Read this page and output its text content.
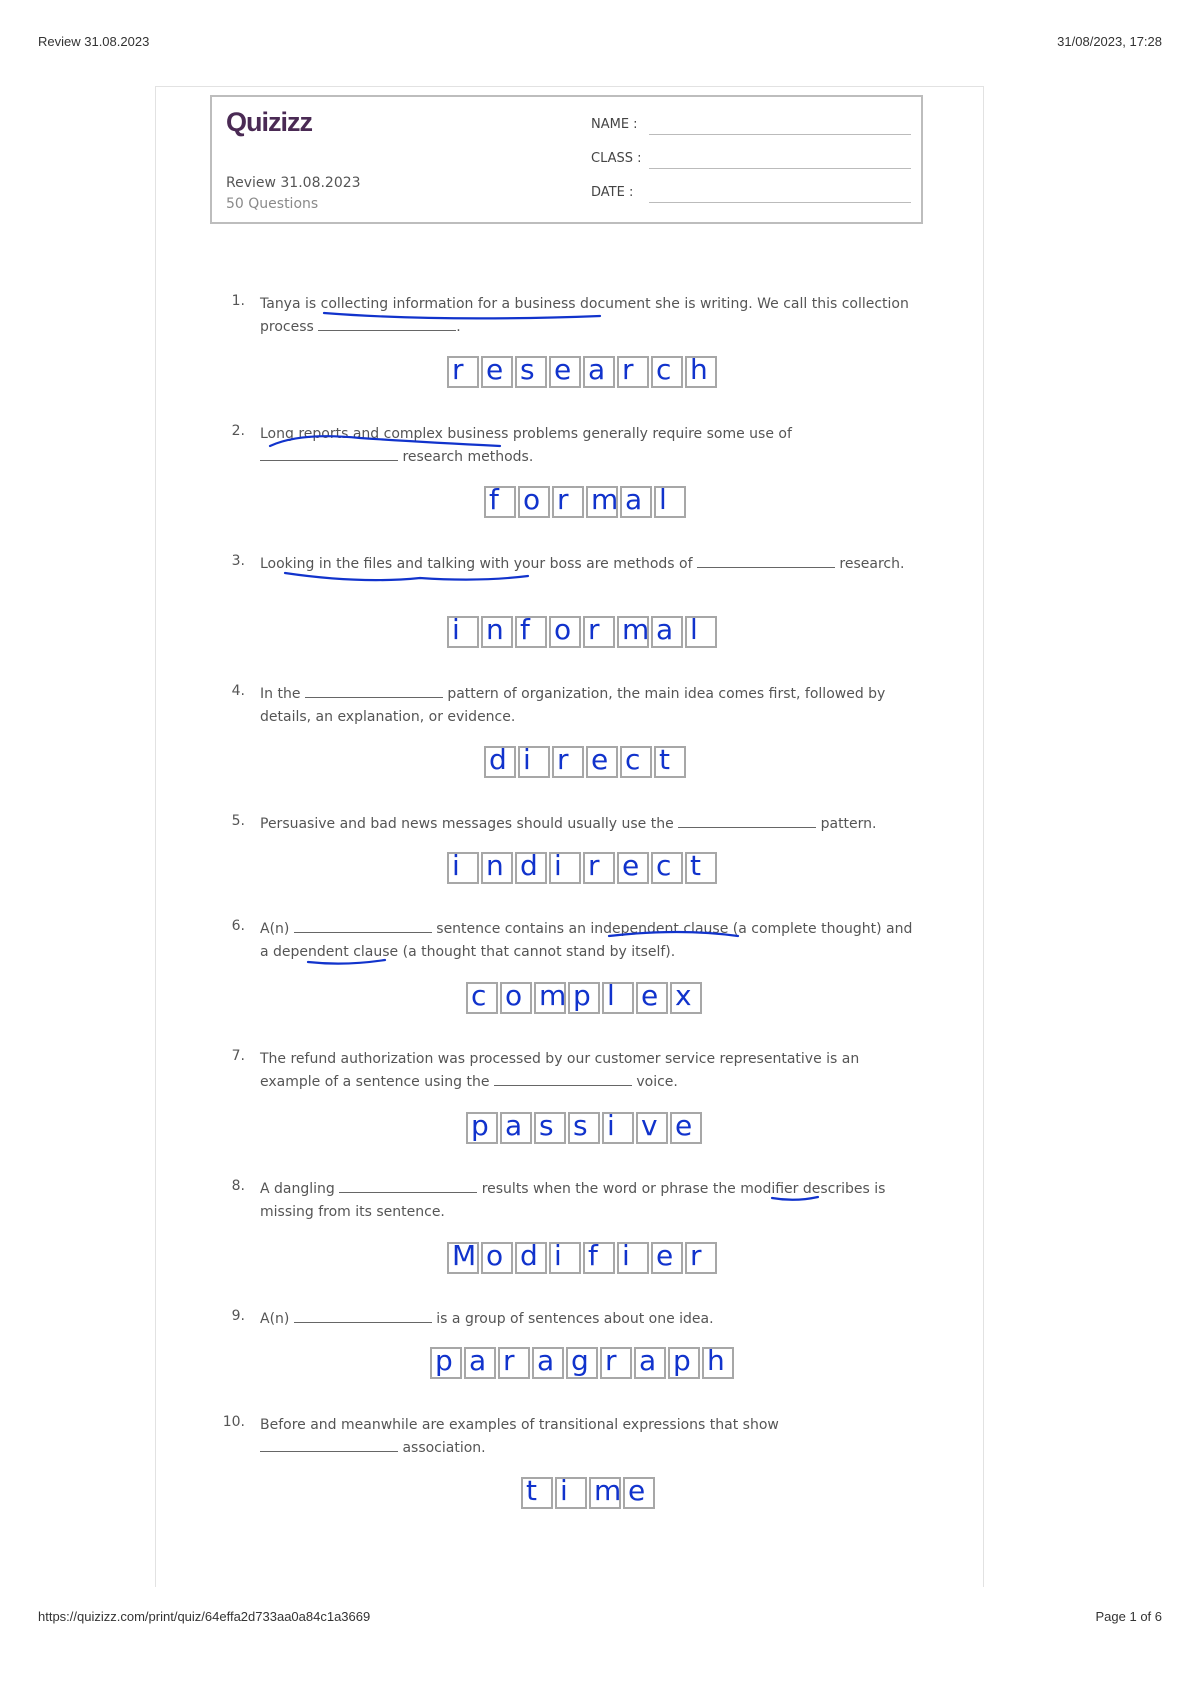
Review 31.08.2023	31/08/2023, 17:28
Quizizz
Review 31.08.2023
50 Questions
NAME :
CLASS :
DATE :
1. Tanya is collecting information for a business document she is writing. We call this collection process	.
r e s e a r c h
2. Long reports and complex business problems generally require some use of  research methods.
f o r m a l
3. Looking in the files and talking with your boss are methods of	research.
i n f o r m a l
4. In the	pattern of organization, the main idea comes first, followed by details, an explanation, or evidence.
d i r e c t
5. Persuasive and bad news messages should usually use the	pattern.
i n d i r e c t
6. A(n)	sentence contains an independent clause (a complete thought) and a dependent clause (a thought that cannot stand by itself).
c o m p l e x
7. The refund authorization was processed by our customer service representative is an example of a sentence using the	voice.
p a s s i v e
8. A dangling	results when the word or phrase the modifier describes is missing from its sentence.
M o d i f i e r
9. A(n)	is a group of sentences about one idea.
p a r a g r a p h
10. Before and meanwhile are examples of transitional expressions that show  association.
t i m e
https://quizizz.com/print/quiz/64effa2d733aa0a84c1a3669	Page 1 of 6
